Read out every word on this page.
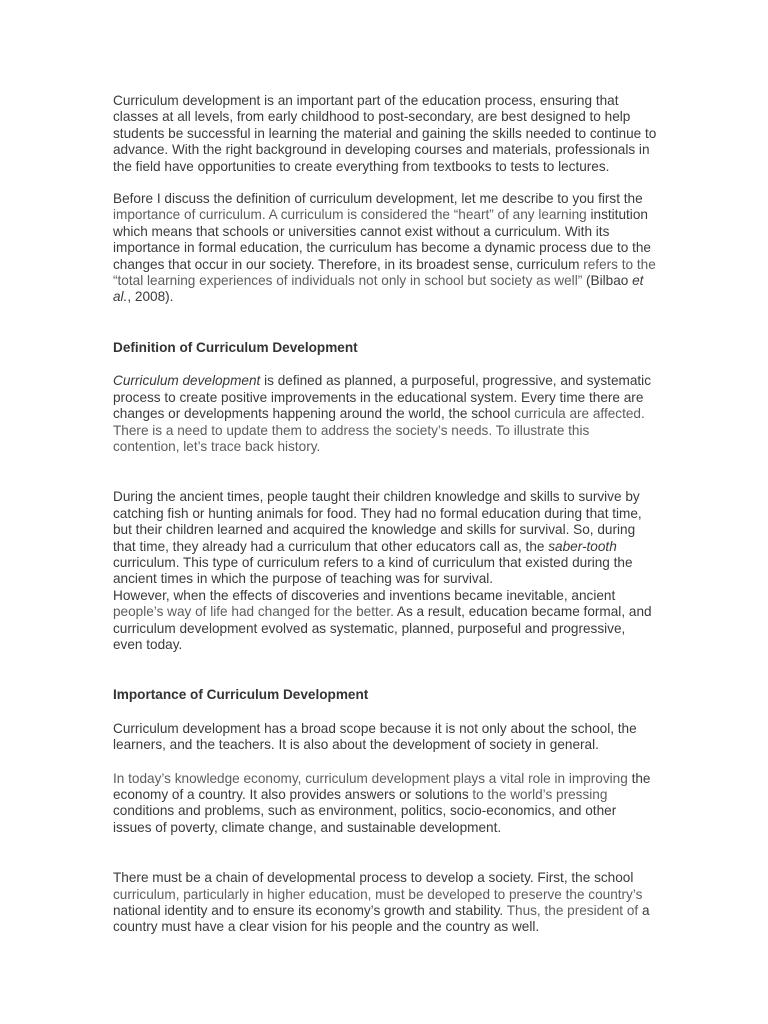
Curriculum development is an important part of the education process, ensuring that classes at all levels, from early childhood to post-secondary, are best designed to help students be successful in learning the material and gaining the skills needed to continue to advance. With the right background in developing courses and materials, professionals in the field have opportunities to create everything from textbooks to tests to lectures.

Before I discuss the definition of curriculum development, let me describe to you first the importance of curriculum. A curriculum is considered the “heart” of any learning institution which means that schools or universities cannot exist without a curriculum. With its importance in formal education, the curriculum has become a dynamic process due to the changes that occur in our society. Therefore, in its broadest sense, curriculum refers to the “total learning experiences of individuals not only in school but society as well” (Bilbao et al., 2008).

Definition of Curriculum Development

Curriculum development is defined as planned, a purposeful, progressive, and systematic process to create positive improvements in the educational system. Every time there are changes or developments happening around the world, the school curricula are affected. There is a need to update them to address the society’s needs. To illustrate this contention, let’s trace back history.

During the ancient times, people taught their children knowledge and skills to survive by catching fish or hunting animals for food. They had no formal education during that time, but their children learned and acquired the knowledge and skills for survival. So, during that time, they already had a curriculum that other educators call as, the saber-tooth curriculum. This type of curriculum refers to a kind of curriculum that existed during the ancient times in which the purpose of teaching was for survival.

However, when the effects of discoveries and inventions became inevitable, ancient people’s way of life had changed for the better. As a result, education became formal, and curriculum development evolved as systematic, planned, purposeful and progressive, even today.

Importance of Curriculum Development

Curriculum development has a broad scope because it is not only about the school, the learners, and the teachers. It is also about the development of society in general.

In today’s knowledge economy, curriculum development plays a vital role in improving the economy of a country. It also provides answers or solutions to the world’s pressing conditions and problems, such as environment, politics, socio-economics, and other issues of poverty, climate change, and sustainable development.

There must be a chain of developmental process to develop a society. First, the school curriculum, particularly in higher education, must be developed to preserve the country’s national identity and to ensure its economy’s growth and stability. Thus, the president of a country must have a clear vision for his people and the country as well.
